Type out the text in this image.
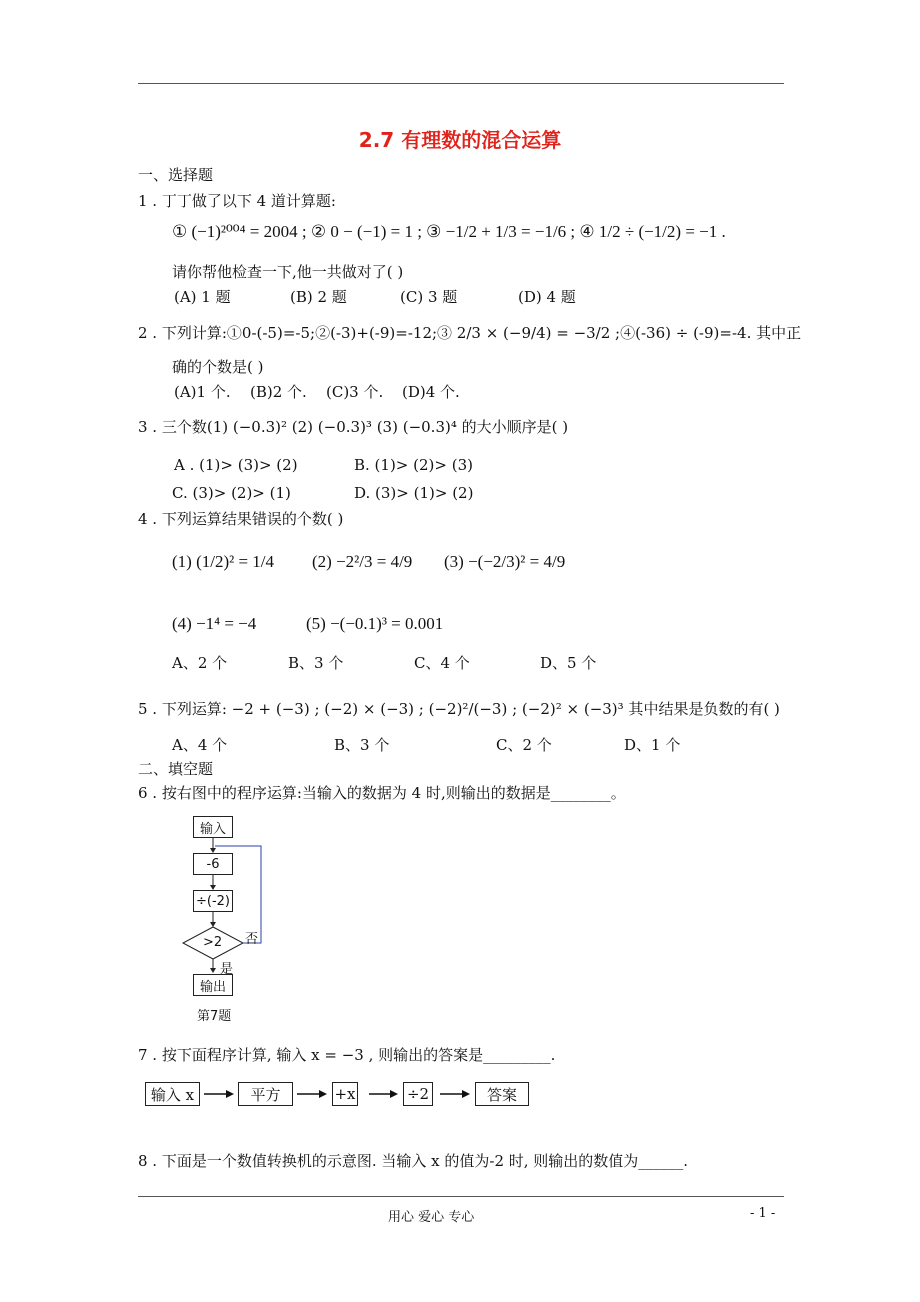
2.7 有理数的混合运算
一、选择题
1 . 丁丁做了以下 4 道计算题:
① (−1)²⁰⁰⁴ = 2004 ; ② 0 − (−1) = 1 ; ③ −1/2 + 1/3 = −1/6 ; ④ 1/2 ÷ (−1/2) = −1 .
请你帮他检查一下,他一共做对了( )
(A) 1 题	(B) 2 题	(C) 3 题	(D) 4 题
2 . 下列计算:①0-(-5)=-5;②(-3)+(-9)=-12;③ 2/3 × (−9/4) = −3/2 ;④(-36) ÷ (-9)=-4. 其中正
确的个数是( )
(A)1 个. (B)2 个. (C)3 个. (D)4 个.
3 . 三个数(1) (−0.3)² (2) (−0.3)³ (3) (−0.3)⁴ 的大小顺序是( )
A . (1)> (3)> (2)	B. (1)> (2)> (3)
C. (3)> (2)> (1)	D. (3)> (1)> (2)
4 . 下列运算结果错误的个数( )
(1) (1/2)² = 1/4 (2) −2²/3 = 4/9 (3) −(−2/3)² = 4/9
(4) −1⁴ = −4	(5) −(−0.1)³ = 0.001
A、2 个	B、3 个	C、4 个	D、5 个
5 . 下列运算: −2 + (−3) ; (−2) × (−3) ; (−2)²/(−3) ; (−2)² × (−3)³ 其中结果是负数的有( )
A、4 个	B、3 个	C、2 个	D、1 个
二、填空题
6 . 按右图中的程序运算:当输入的数据为 4 时,则输出的数据是________。
输入
-6
÷(-2)
>2 否
是
输出
第7题
7 . 按下面程序计算, 输入 x = −3 , 则输出的答案是_________.
输入 x	平方	+x	÷2	答案
8 . 下面是一个数值转换机的示意图. 当输入 x 的值为-2 时, 则输出的数值为______.
用心 爱心 专心	- 1 -
